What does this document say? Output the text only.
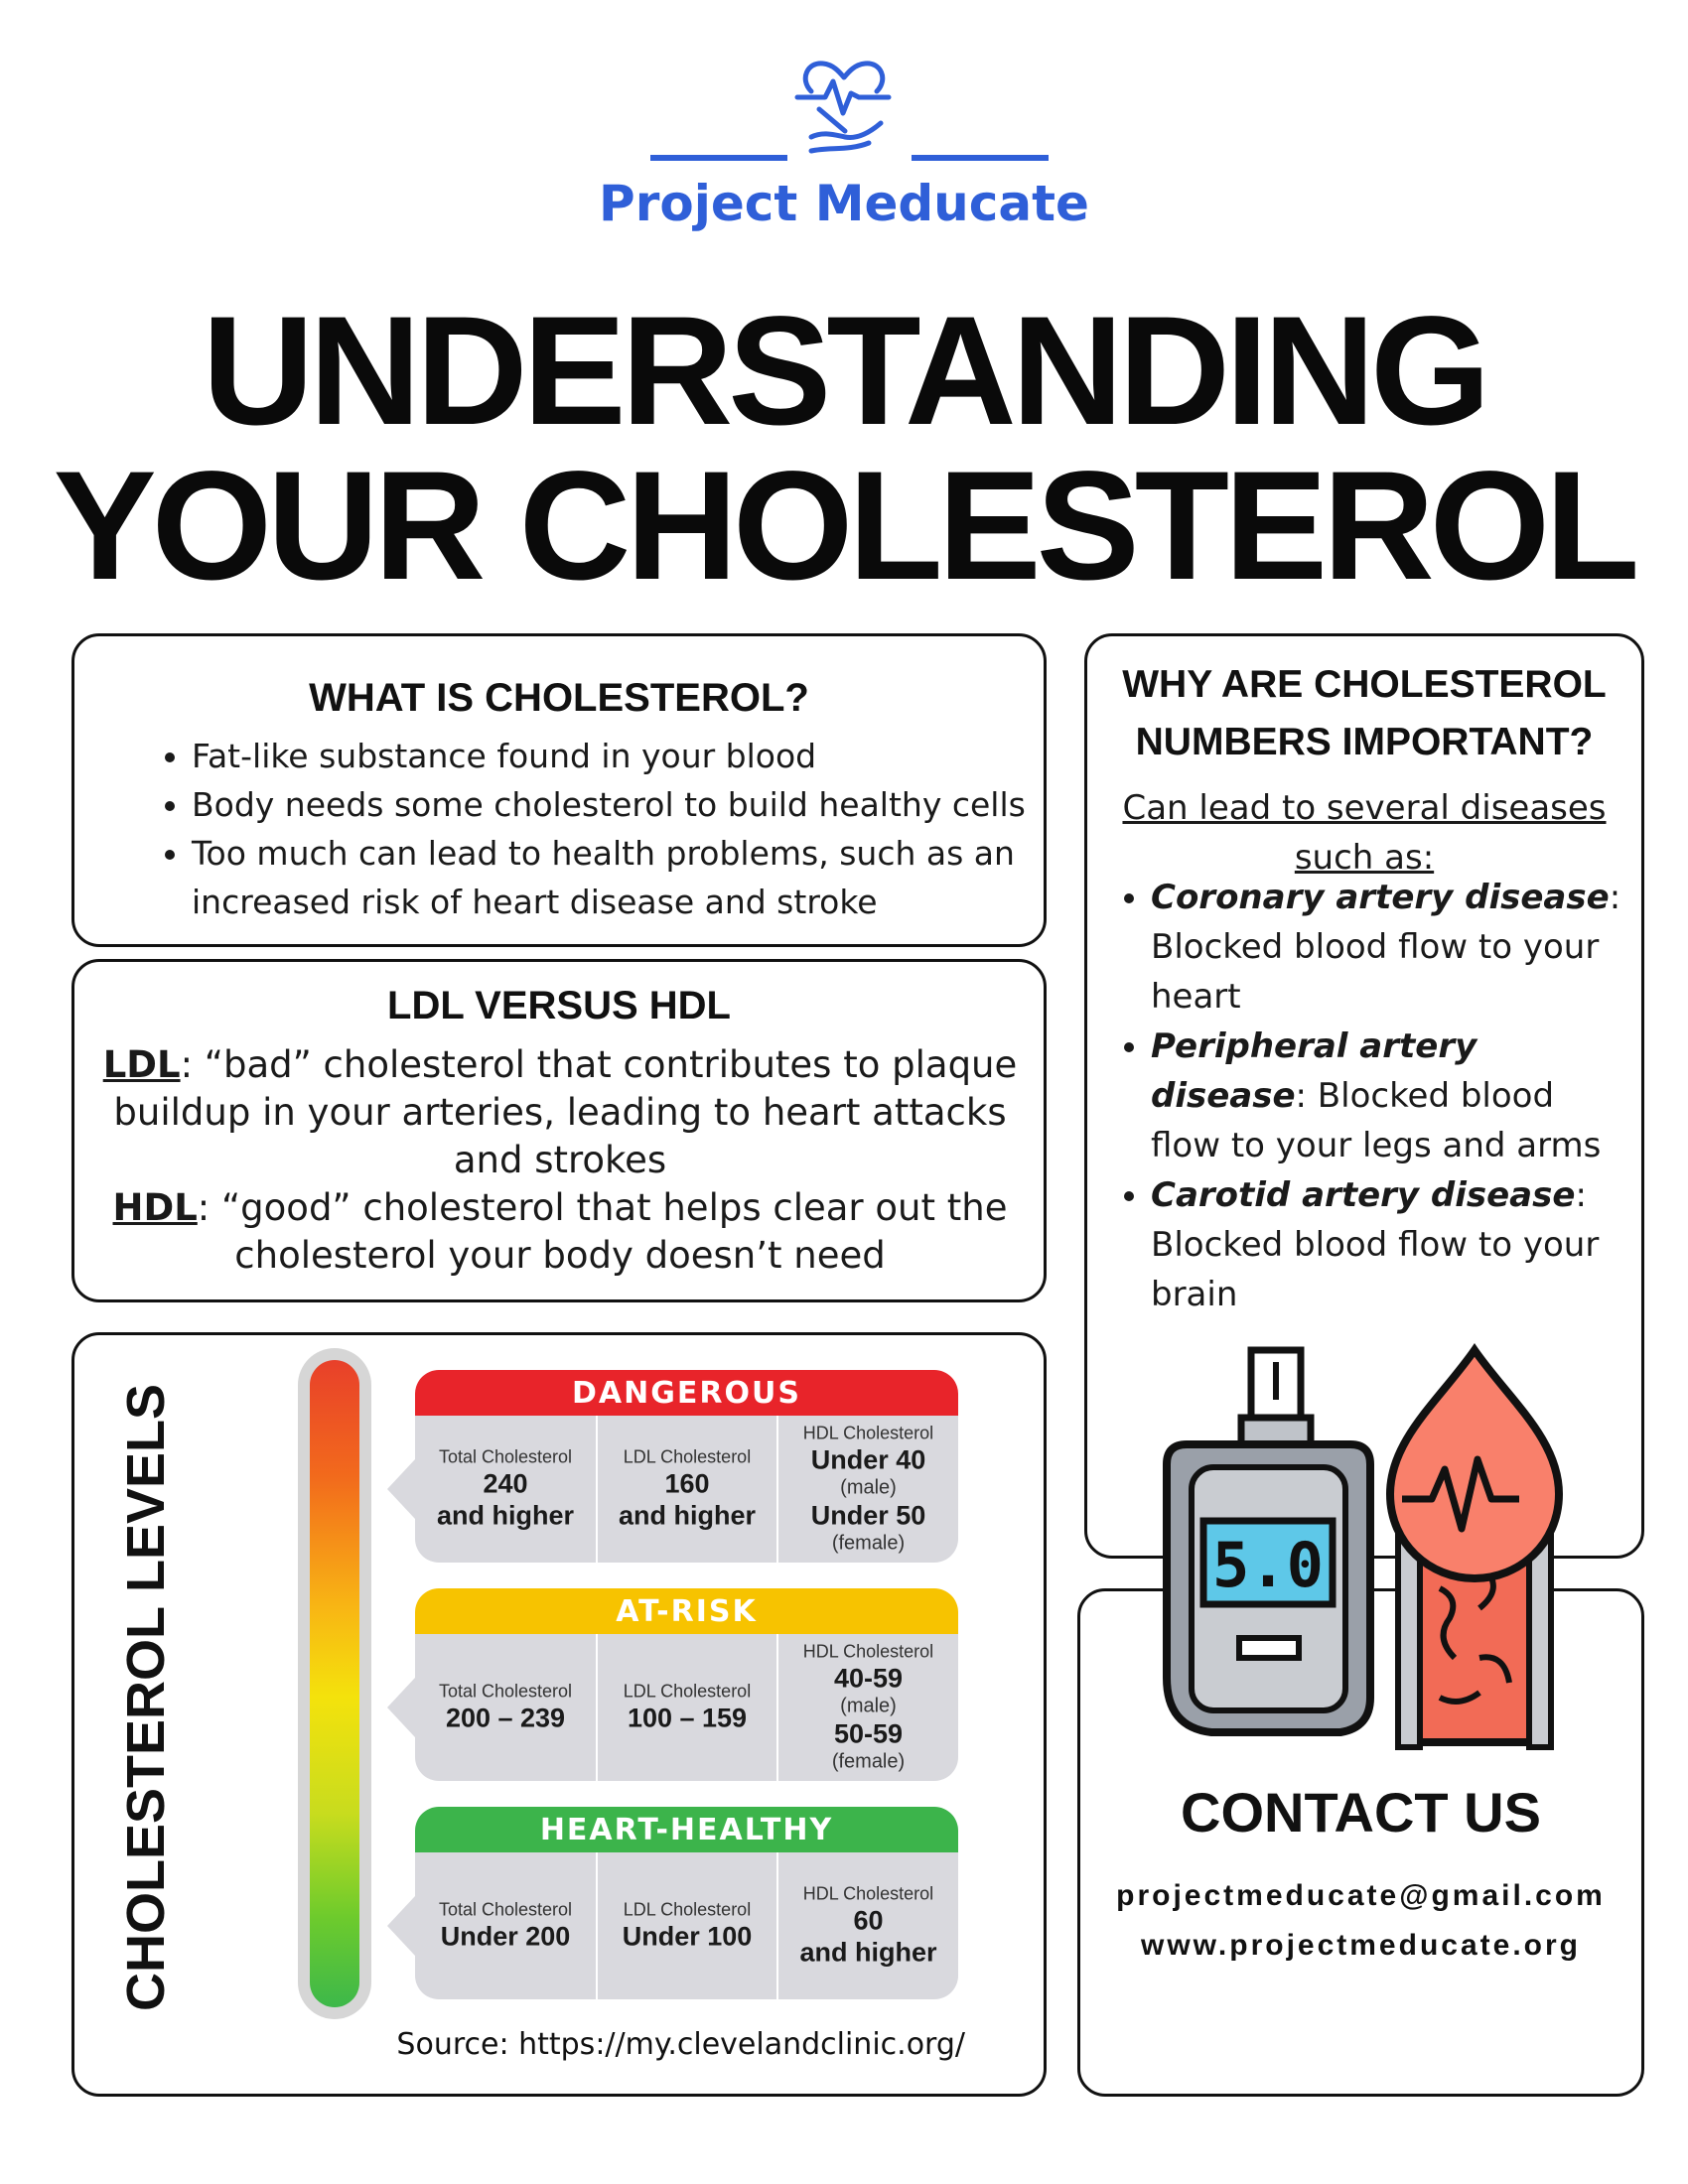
Project Meducate
UNDERSTANDING
YOUR CHOLESTEROL
WHAT IS CHOLESTEROL?
• Fat-like substance found in your blood
• Body needs some cholesterol to build healthy cells
• Too much can lead to health problems, such as an increased risk of heart disease and stroke
LDL VERSUS HDL
LDL: “bad” cholesterol that contributes to plaque buildup in your arteries, leading to heart attacks and strokes
HDL: “good” cholesterol that helps clear out the cholesterol your body doesn’t need
WHY ARE CHOLESTEROL NUMBERS IMPORTANT?
Can lead to several diseases such as:
• Coronary artery disease: Blocked blood flow to your heart
• Peripheral artery disease: Blocked blood flow to your legs and arms
• Carotid artery disease: Blocked blood flow to your brain
CONTACT US
projectmeducate@gmail.com
www.projectmeducate.org
5.0
CHOLESTEROL LEVELS	DANGEROUS
Total Cholesterol
240
and higher
LDL Cholesterol
160
and higher
HDL Cholesterol
Under 40
(male)
Under 50
(female)
AT-RISK
Total Cholesterol
200 – 239
LDL Cholesterol
100 – 159
HDL Cholesterol
40-59
(male)
50-59
(female)
HEART-HEALTHY
Total Cholesterol
Under 200
LDL Cholesterol
Under 100
HDL Cholesterol
60
and higher
Source: https://my.clevelandclinic.org/
